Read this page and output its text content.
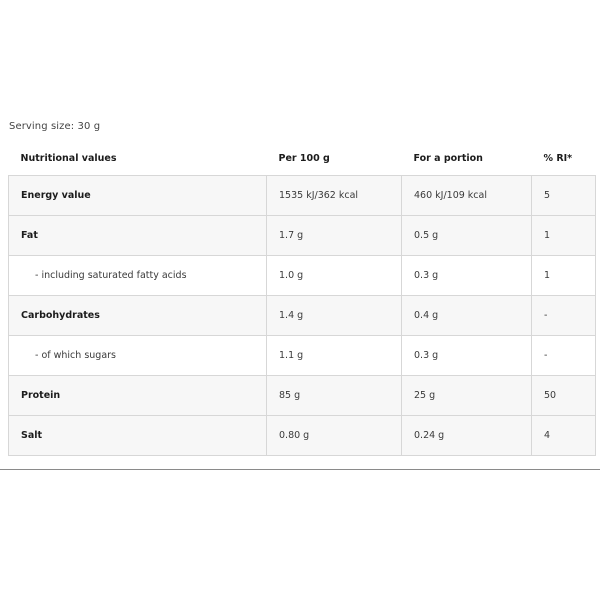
Serving size: 30 g
Nutritional values	Per 100 g	For a portion	% RI*
Energy value	1535 kJ/362 kcal	460 kJ/109 kcal	5
Fat	1.7 g	0.5 g	1
- including saturated fatty acids	1.0 g	0.3 g	1
Carbohydrates	1.4 g	0.4 g	-
- of which sugars	1.1 g	0.3 g	-
Protein	85 g	25 g	50
Salt	0.80 g	0.24 g	4
